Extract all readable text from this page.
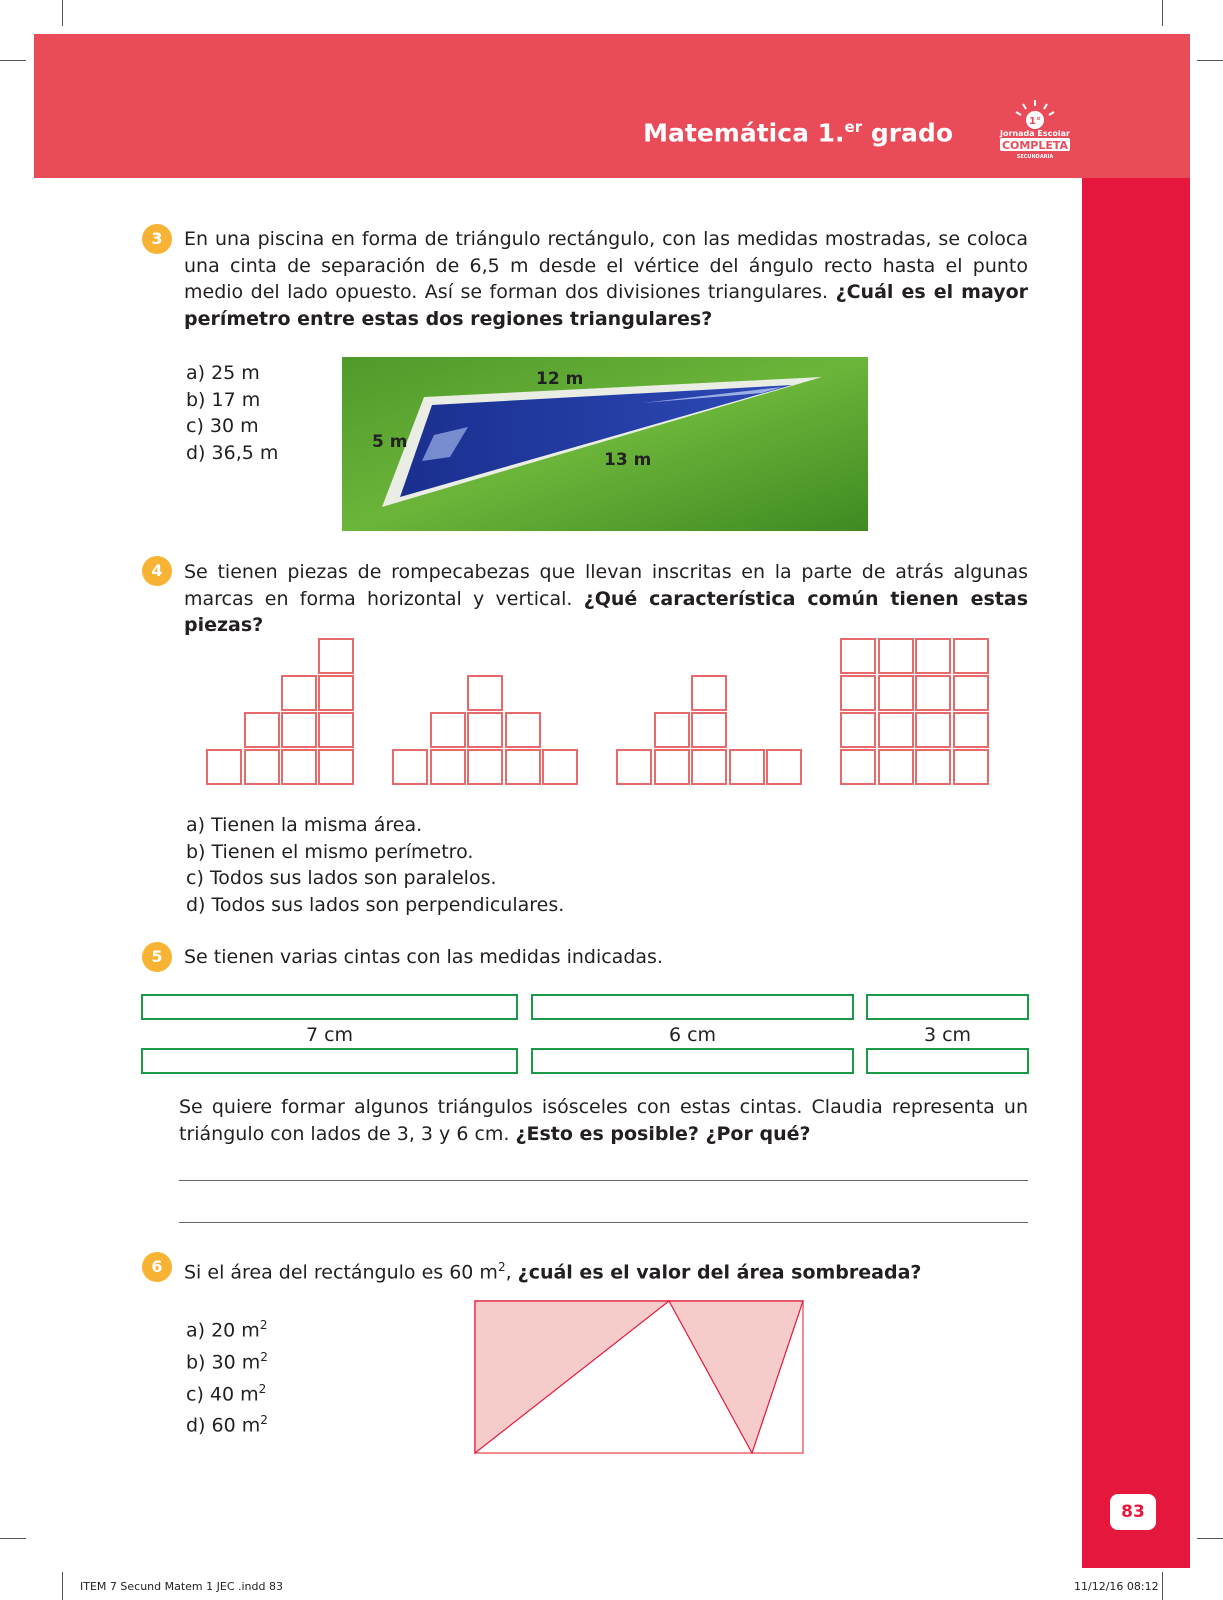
Matemática 1.$^{er}$ grado	1°
Jornada Escolar
COMPLETA
SECUNDARIA
83
3	En una piscina en forma de triángulo rectángulo, con las medidas mostradas, se coloca una cinta de separación de 6,5 m desde el vértice del ángulo recto hasta el punto medio del lado opuesto. Así se forman dos divisiones triangulares. ¿Cuál es el mayor perímetro entre estas dos regiones triangulares?
a) 25 m
b) 17 m
c) 30 m
d) 36,5 m
12 m
5 m
13 m
4	Se tienen piezas de rompecabezas que llevan inscritas en la parte de atrás algunas marcas en forma horizontal y vertical. ¿Qué característica común tienen estas piezas?
a) Tienen la misma área.
b) Tienen el mismo perímetro.
c) Todos sus lados son paralelos.
d) Todos sus lados son perpendiculares.
5	Se tienen varias cintas con las medidas indicadas.
7 cm	6 cm	3 cm
Se quiere formar algunos triángulos isósceles con estas cintas. Claudia representa un triángulo con lados de 3, 3 y 6 cm. ¿Esto es posible? ¿Por qué?
6	Si el área del rectángulo es 60 $m^2$, ¿cuál es el valor del área sombreada?
a) 20 $m^2$
b) 30 $m^2$
c) 40 $m^2$
d) 60 $m^2$
ITEM 7 Secund Matem 1 JEC .indd 83	11/12/16 08:12
